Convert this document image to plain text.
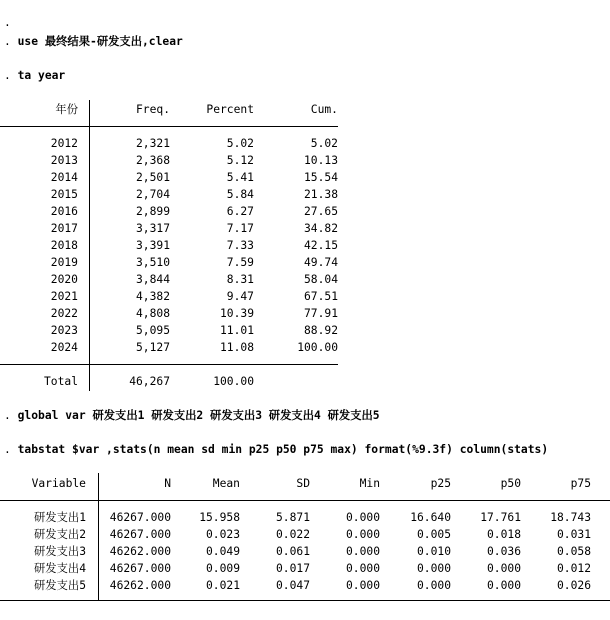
.
. use 最终结果-研发支出,clear
. ta year
年份	Freq.	Percent	Cum.
2012	2,321	5.02	5.02
2013	2,368	5.12	10.13
2014	2,501	5.41	15.54
2015	2,704	5.84	21.38
2016	2,899	6.27	27.65
2017	3,317	7.17	34.82
2018	3,391	7.33	42.15
2019	3,510	7.59	49.74
2020	3,844	8.31	58.04
2021	4,382	9.47	67.51
2022	4,808	10.39	77.91
2023	5,095	11.01	88.92
2024	5,127	11.08	100.00
Total	46,267	100.00
. global var 研发支出1 研发支出2 研发支出3 研发支出4 研发支出5
. tabstat $var ,stats(n mean sd min p25 p50 p75 max) format(%9.3f) column(stats)
Variable	N	Mean	SD	Min	p25	p50	p75
研发支出1	46267.000	15.958	5.871	0.000	16.640	17.761	18.743
研发支出2	46267.000	0.023	0.022	0.000	0.005	0.018	0.031
研发支出3	46262.000	0.049	0.061	0.000	0.010	0.036	0.058
研发支出4	46267.000	0.009	0.017	0.000	0.000	0.000	0.012
研发支出5	46262.000	0.021	0.047	0.000	0.000	0.000	0.026
